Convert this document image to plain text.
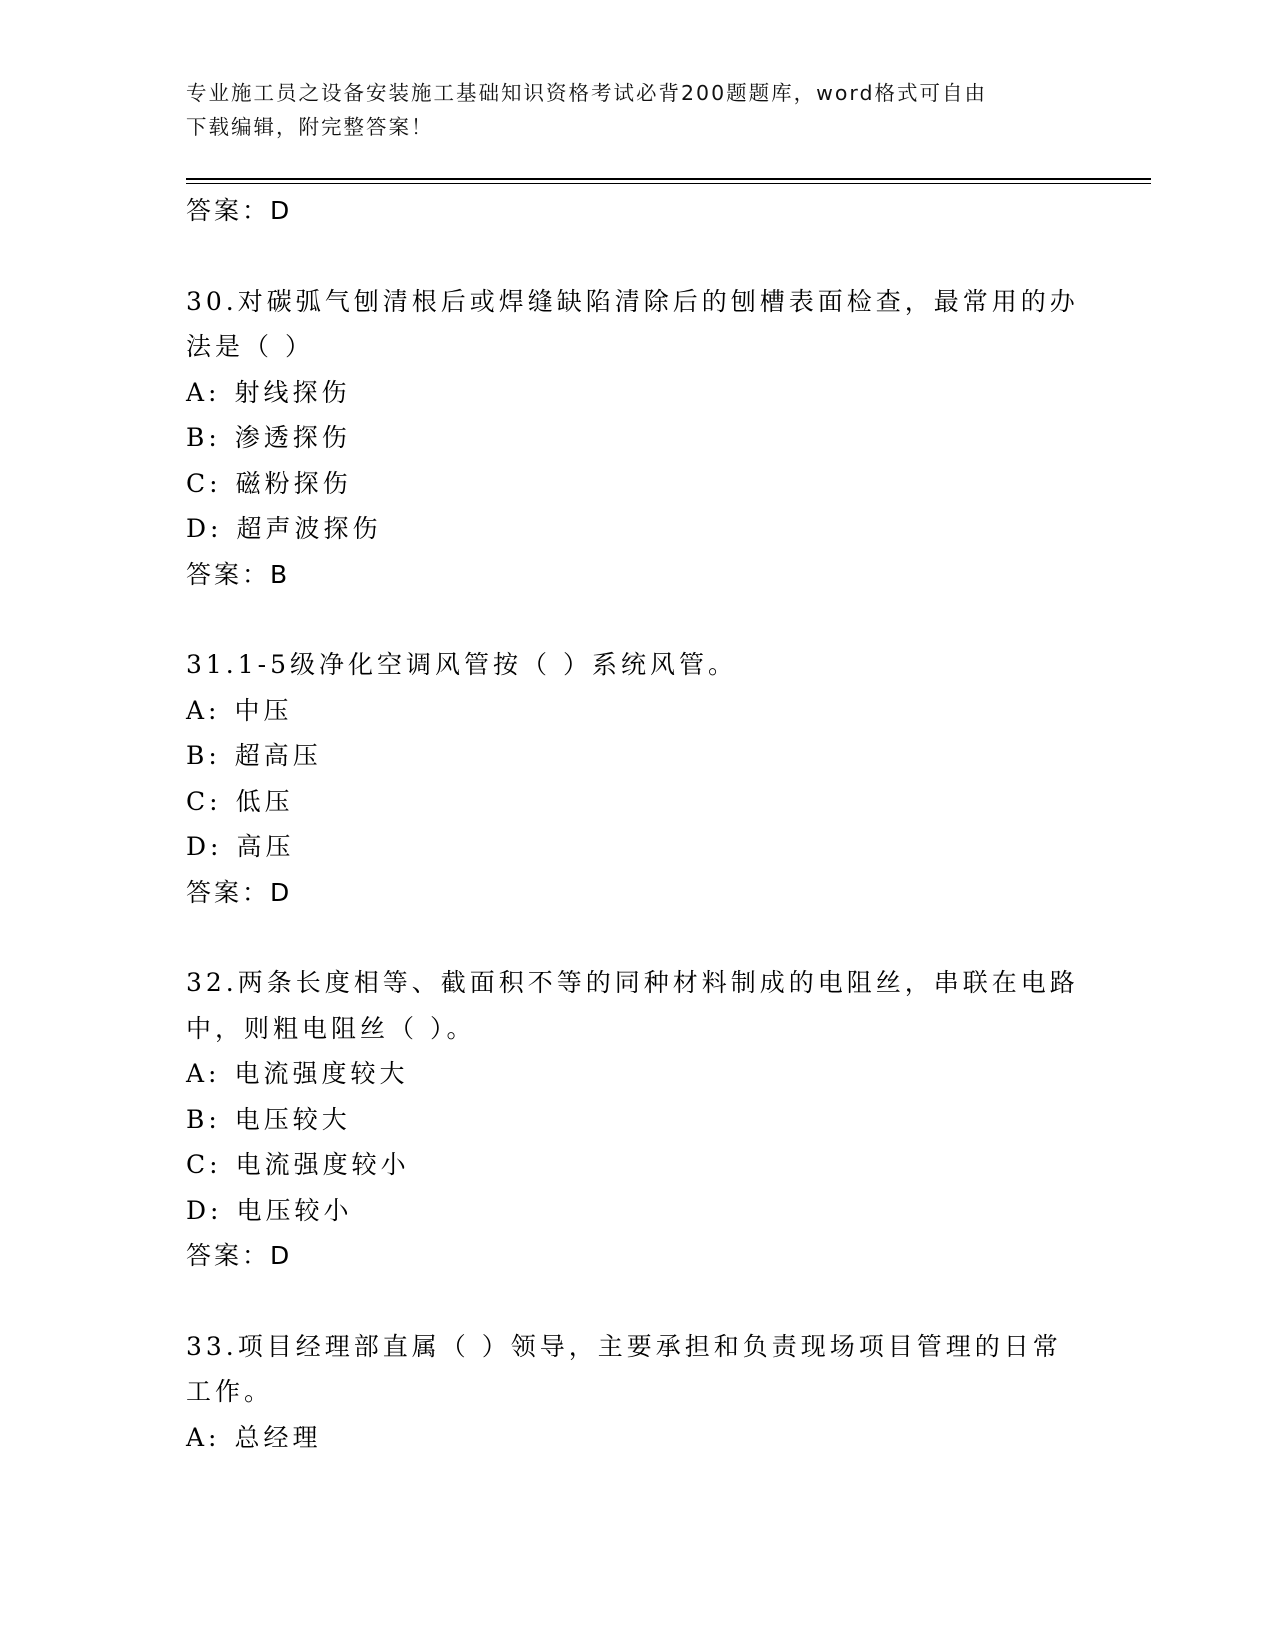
专业施工员之设备安装施工基础知识资格考试必背200题题库，word格式可自由
下载编辑，附完整答案！
答案：D
30.对碳弧气刨清根后或焊缝缺陷清除后的刨槽表面检查，最常用的办
法是（ ）
A: 射线探伤
B: 渗透探伤
C: 磁粉探伤
D: 超声波探伤
答案：B
31.1-5级净化空调风管按（ ）系统风管。
A: 中压
B: 超高压
C: 低压
D: 高压
答案：D
32.两条长度相等、截面积不等的同种材料制成的电阻丝，串联在电路
中，则粗电阻丝（ ）。
A: 电流强度较大
B: 电压较大
C: 电流强度较小
D: 电压较小
答案：D
33.项目经理部直属（ ）领导，主要承担和负责现场项目管理的日常
工作。
A: 总经理
